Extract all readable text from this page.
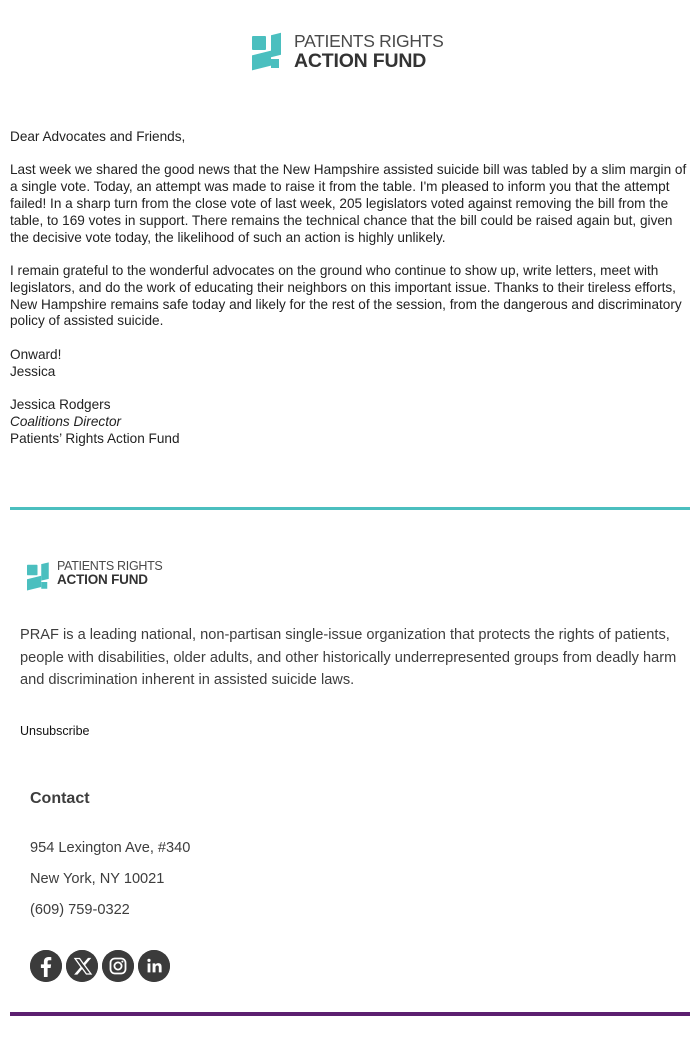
PATIENTS RIGHTS
ACTION FUND

Dear Advocates and Friends,

Last week we shared the good news that the New Hampshire assisted suicide bill was tabled by a slim margin of a single vote. Today, an attempt was made to raise it from the table. I'm pleased to inform you that the attempt failed! In a sharp turn from the close vote of last week, 205 legislators voted against removing the bill from the table, to 169 votes in support. There remains the technical chance that the bill could be raised again but, given the decisive vote today, the likelihood of such an action is highly unlikely.

I remain grateful to the wonderful advocates on the ground who continue to show up, write letters, meet with legislators, and do the work of educating their neighbors on this important issue. Thanks to their tireless efforts, New Hampshire remains safe today and likely for the rest of the session, from the dangerous and discriminatory policy of assisted suicide.

Onward!
Jessica

Jessica Rodgers
Coalitions Director
Patients’ Rights Action Fund

PATIENTS RIGHTS
ACTION FUND

PRAF is a leading national, non-partisan single-issue organization that protects the rights of patients, people with disabilities, older adults, and other historically underrepresented groups from deadly harm and discrimination inherent in assisted suicide laws.

Unsubscribe
Contact
954 Lexington Ave, #340
New York, NY 10021
(609) 759-0322
